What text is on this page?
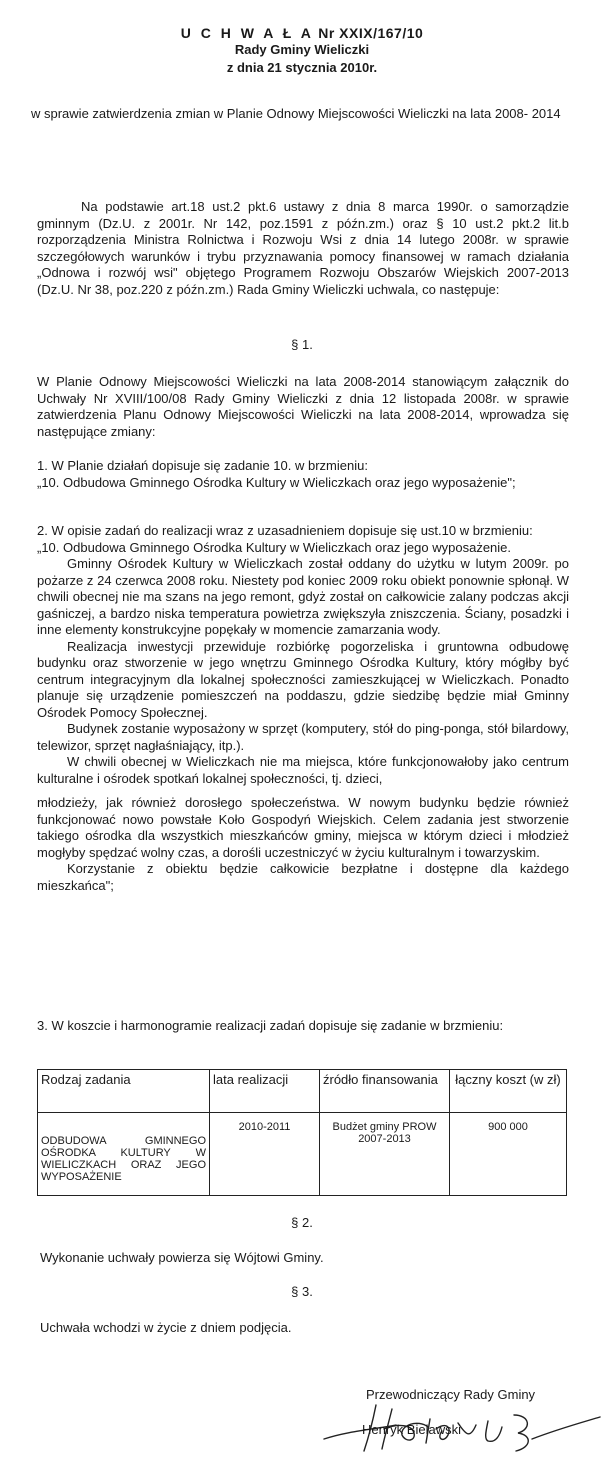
U C H W A Ł A Nr XXIX/167/10
Rady Gminy Wieliczki
z dnia 21 stycznia 2010r.
w sprawie zatwierdzenia zmian w Planie Odnowy Miejscowości Wieliczki na lata 2008- 2014

Na podstawie art.18 ust.2 pkt.6 ustawy z dnia 8 marca 1990r. o samorządzie gminnym (Dz.U. z 2001r. Nr 142, poz.1591 z późn.zm.) oraz § 10 ust.2 pkt.2 lit.b rozporządzenia Ministra Rolnictwa i Rozwoju Wsi z dnia 14 lutego 2008r. w sprawie szczegółowych warunków i trybu przyznawania pomocy finansowej w ramach działania „Odnowa i rozwój wsi" objętego Programem Rozwoju Obszarów Wiejskich 2007-2013 (Dz.U. Nr 38, poz.220 z późn.zm.) Rada Gminy Wieliczki uchwala, co następuje:

§ 1.

W Planie Odnowy Miejscowości Wieliczki na lata 2008-2014 stanowiącym załącznik do Uchwały Nr XVIII/100/08 Rady Gminy Wieliczki z dnia 12 listopada 2008r. w sprawie zatwierdzenia Planu Odnowy Miejscowości Wieliczki na lata 2008-2014, wprowadza się następujące zmiany:

1. W Planie działań dopisuje się zadanie 10. w brzmieniu:

„10. Odbudowa Gminnego Ośrodka Kultury w Wieliczkach oraz jego wyposażenie";

2. W opisie zadań do realizacji wraz z uzasadnieniem dopisuje się ust.10 w brzmieniu:

„10. Odbudowa Gminnego Ośrodka Kultury w Wieliczkach oraz jego wyposażenie.

Gminny Ośrodek Kultury w Wieliczkach został oddany do użytku w lutym 2009r. po pożarze z 24 czerwca 2008 roku. Niestety pod koniec 2009 roku obiekt ponownie spłonął. W chwili obecnej nie ma szans na jego remont, gdyż został on całkowicie zalany podczas akcji gaśniczej, a bardzo niska temperatura powietrza zwiększyła zniszczenia. Ściany, posadzki i inne elementy konstrukcyjne popękały w momencie zamarzania wody.

Realizacja inwestycji przewiduje rozbiórkę pogorzeliska i gruntowna odbudowę budynku oraz stworzenie w jego wnętrzu Gminnego Ośrodka Kultury, który mógłby być centrum integracyjnym dla lokalnej społeczności zamieszkującej w Wieliczkach. Ponadto planuje się urządzenie pomieszczeń na poddaszu, gdzie siedzibę będzie miał Gminny Ośrodek Pomocy Społecznej.

Budynek zostanie wyposażony w sprzęt (komputery, stół do ping-ponga, stół bilardowy, telewizor, sprzęt nagłaśniający, itp.).

W chwili obecnej w Wieliczkach nie ma miejsca, które funkcjonowałoby jako centrum kulturalne i ośrodek spotkań lokalnej społeczności, tj. dzieci,

młodzieży, jak również dorosłego społeczeństwa. W nowym budynku będzie również funkcjonować nowo powstałe Koło Gospodyń Wiejskich. Celem zadania jest stworzenie takiego ośrodka dla wszystkich mieszkańców gminy, miejsca w którym dzieci i młodzież mogłyby spędzać wolny czas, a dorośli uczestniczyć w życiu kulturalnym i towarzyskim.

Korzystanie z obiektu będzie całkowicie bezpłatne i dostępne dla każdego mieszkańca";

3. W koszcie i harmonogramie realizacji zadań dopisuje się zadanie w brzmieniu:

Rodzaj zadania	lata realizacji	źródło finansowania	łączny koszt (w zł)
ODBUDOWA GMINNEGO OŚRODKA KULTURY W WIELICZKACH ORAZ JEGO WYPOSAŻENIE	2010-2011	Budżet gminy PROW 2007-2013	900 000
§ 2.
Wykonanie uchwały powierza się Wójtowi Gminy.
§ 3.
Uchwała wchodzi w życie z dniem podjęcia.
Przewodniczący Rady Gminy
Henryk Bielawski
